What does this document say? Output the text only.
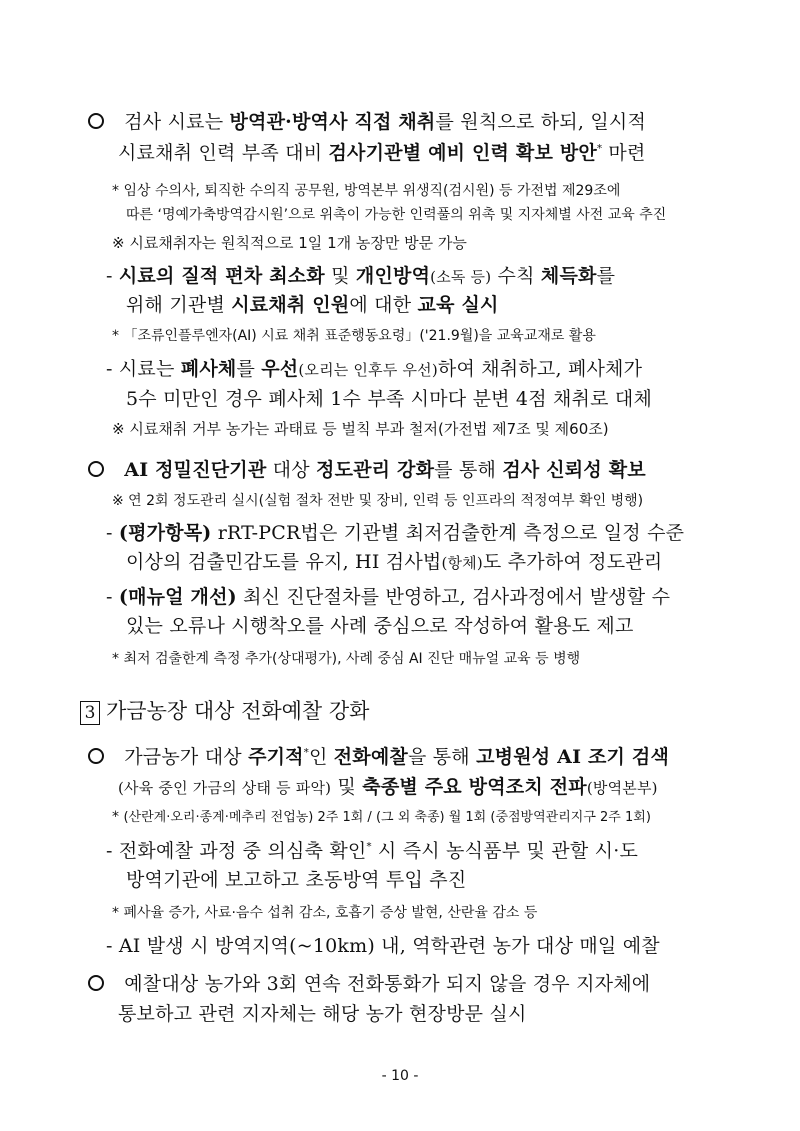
검사 시료는 방역관·방역사 직접 채취를 원칙으로 하되, 일시적
시료채취 인력 부족 대비 검사기관별 예비 인력 확보 방안* 마련
* 임상 수의사, 퇴직한 수의직 공무원, 방역본부 위생직(검시원) 등 가전법 제29조에
따른 ‘명예가축방역감시원’으로 위촉이 가능한 인력풀의 위촉 및 지자체별 사전 교육 추진
※ 시료채취자는 원칙적으로 1일 1개 농장만 방문 가능
- 시료의 질적 편차 최소화 및 개인방역(소독 등) 수칙 체득화를
위해 기관별 시료채취 인원에 대한 교육 실시
* 「조류인플루엔자(AI) 시료 채취 표준행동요령」('21.9월)을 교육교재로 활용
- 시료는 폐사체를 우선(오리는 인후두 우선)하여 채취하고, 폐사체가
5수 미만인 경우 폐사체 1수 부족 시마다 분변 4점 채취로 대체
※ 시료채취 거부 농가는 과태료 등 벌칙 부과 철저(가전법 제7조 및 제60조)
AI 정밀진단기관 대상 정도관리 강화를 통해 검사 신뢰성 확보
※ 연 2회 정도관리 실시(실험 절차 전반 및 장비, 인력 등 인프라의 적정여부 확인 병행)
- (평가항목) rRT-PCR법은 기관별 최저검출한계 측정으로 일정 수준
이상의 검출민감도를 유지, HI 검사법(항체)도 추가하여 정도관리
- (매뉴얼 개선) 최신 진단절차를 반영하고, 검사과정에서 발생할 수
있는 오류나 시행착오를 사례 중심으로 작성하여 활용도 제고
* 최저 검출한계 측정 추가(상대평가), 사례 중심 AI 진단 매뉴얼 교육 등 병행
3 가금농장 대상 전화예찰 강화
가금농가 대상 주기적*인 전화예찰을 통해 고병원성 AI 조기 검색
(사육 중인 가금의 상태 등 파악) 및 축종별 주요 방역조치 전파(방역본부)
* (산란계·오리·종계·메추리 전업농) 2주 1회 / (그 외 축종) 월 1회 (중점방역관리지구 2주 1회)
- 전화예찰 과정 중 의심축 확인* 시 즉시 농식품부 및 관할 시·도
방역기관에 보고하고 초동방역 투입 추진
* 폐사율 증가, 사료·음수 섭취 감소, 호흡기 증상 발현, 산란율 감소 등
- AI 발생 시 방역지역(~10km) 내, 역학관련 농가 대상 매일 예찰
예찰대상 농가와 3회 연속 전화통화가 되지 않을 경우 지자체에
통보하고 관련 지자체는 해당 농가 현장방문 실시
- 10 -
